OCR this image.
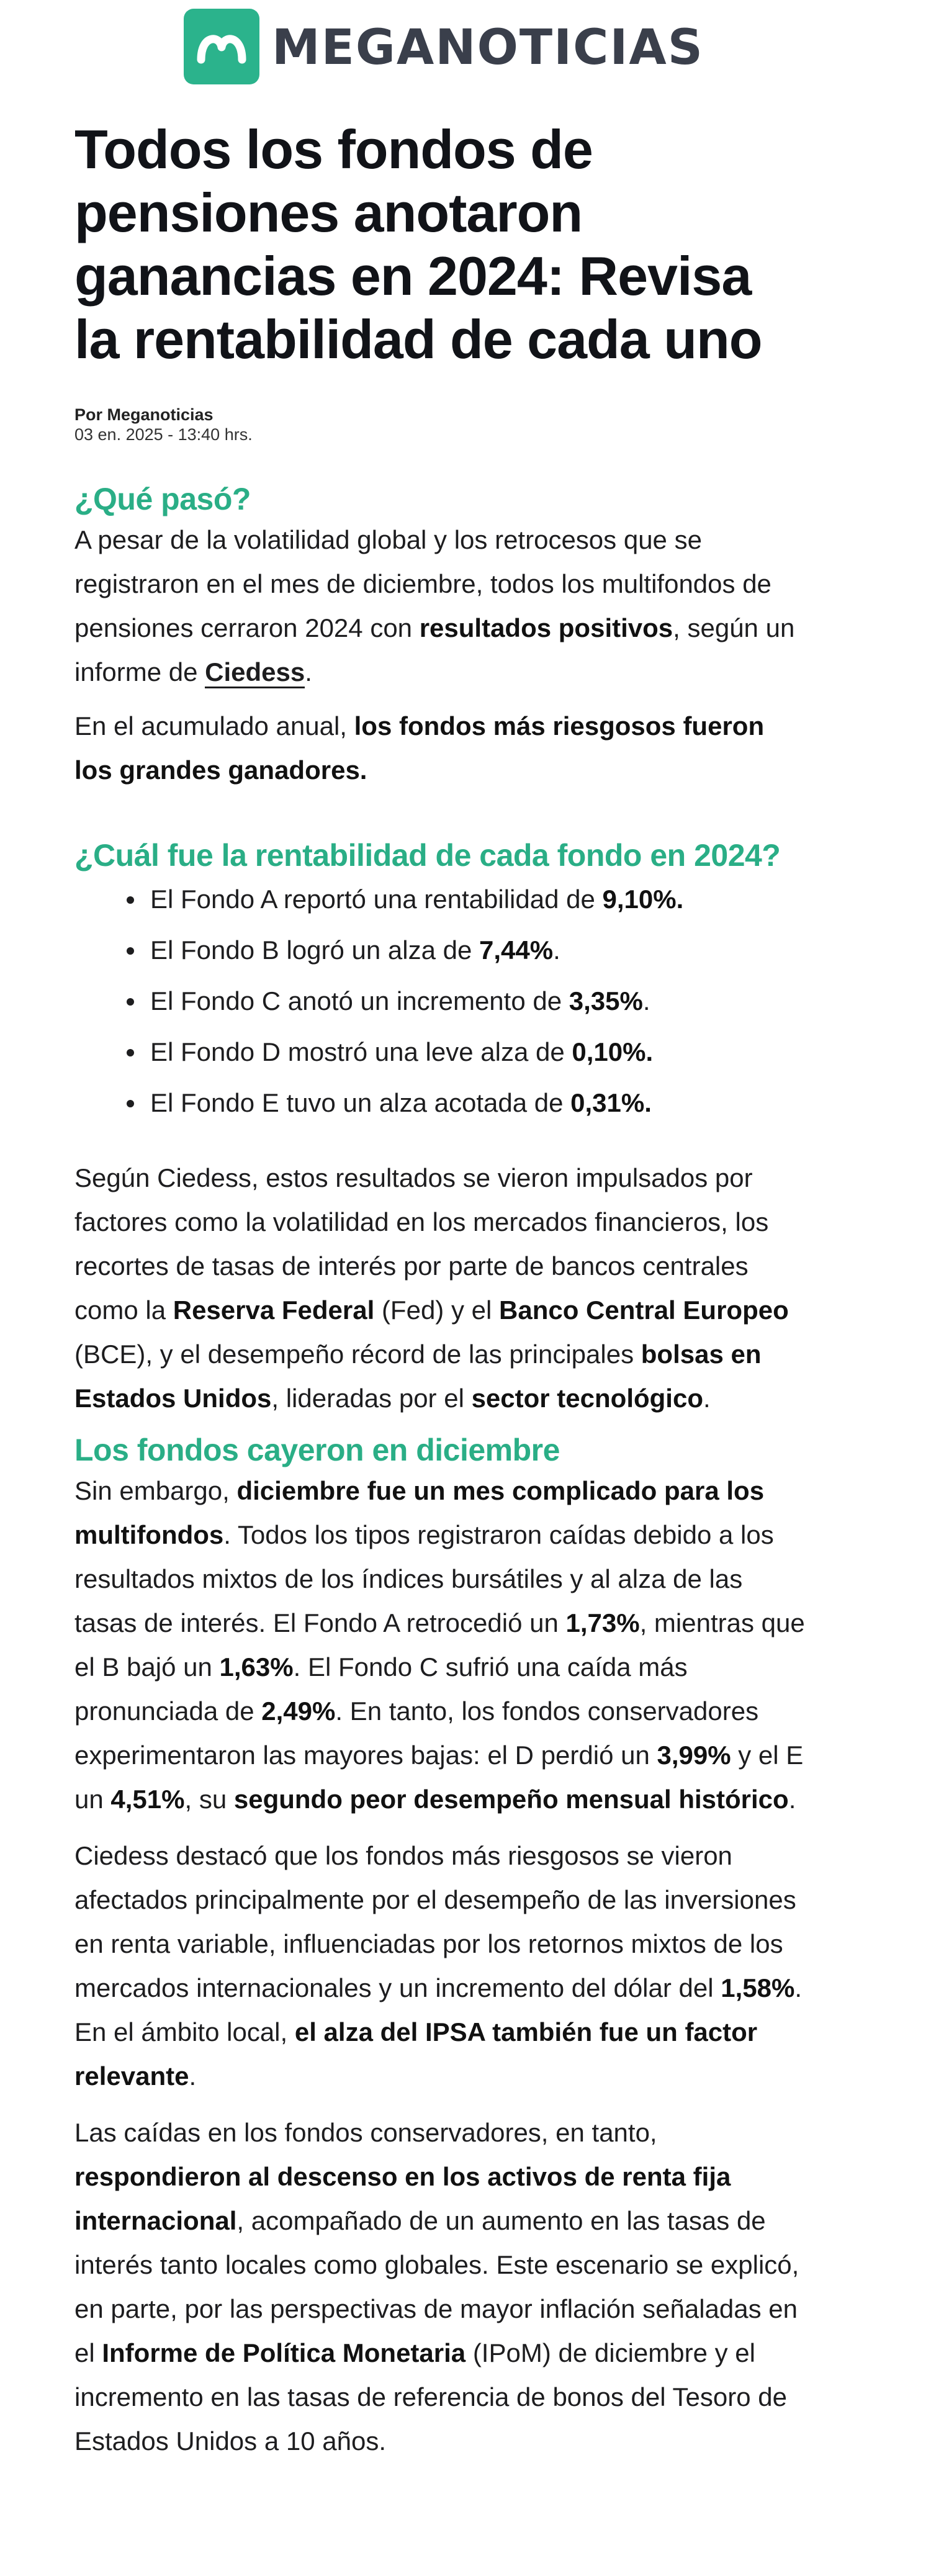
MEGANOTICIAS
Todos los fondos de pensiones anotaron ganancias en 2024: Revisa la rentabilidad de cada uno
Por Meganoticias
03 en. 2025 - 13:40 hrs.
¿Qué pasó?

A pesar de la volatilidad global y los retrocesos que se registraron en el mes de diciembre, todos los multifondos de pensiones cerraron 2024 con resultados positivos, según un informe de Ciedess.

En el acumulado anual, los fondos más riesgosos fueron los grandes ganadores.

¿Cuál fue la rentabilidad de cada fondo en 2024?
El Fondo A reportó una rentabilidad de 9,10%.
El Fondo B logró un alza de 7,44%.
El Fondo C anotó un incremento de 3,35%.
El Fondo D mostró una leve alza de 0,10%.
El Fondo E tuvo un alza acotada de 0,31%.

Según Ciedess, estos resultados se vieron impulsados por factores como la volatilidad en los mercados financieros, los recortes de tasas de interés por parte de bancos centrales como la Reserva Federal (Fed) y el Banco Central Europeo (BCE), y el desempeño récord de las principales bolsas en Estados Unidos, lideradas por el sector tecnológico.

Los fondos cayeron en diciembre

Sin embargo, diciembre fue un mes complicado para los multifondos. Todos los tipos registraron caídas debido a los resultados mixtos de los índices bursátiles y al alza de las tasas de interés. El Fondo A retrocedió un 1,73%, mientras que el B bajó un 1,63%. El Fondo C sufrió una caída más pronunciada de 2,49%. En tanto, los fondos conservadores experimentaron las mayores bajas: el D perdió un 3,99% y el E un 4,51%, su segundo peor desempeño mensual histórico.

Ciedess destacó que los fondos más riesgosos se vieron afectados principalmente por el desempeño de las inversiones en renta variable, influenciadas por los retornos mixtos de los mercados internacionales y un incremento del dólar del 1,58%. En el ámbito local, el alza del IPSA también fue un factor relevante.

Las caídas en los fondos conservadores, en tanto, respondieron al descenso en los activos de renta fija internacional, acompañado de un aumento en las tasas de interés tanto locales como globales. Este escenario se explicó, en parte, por las perspectivas de mayor inflación señaladas en el Informe de Política Monetaria (IPoM) de diciembre y el incremento en las tasas de referencia de bonos del Tesoro de Estados Unidos a 10 años.
